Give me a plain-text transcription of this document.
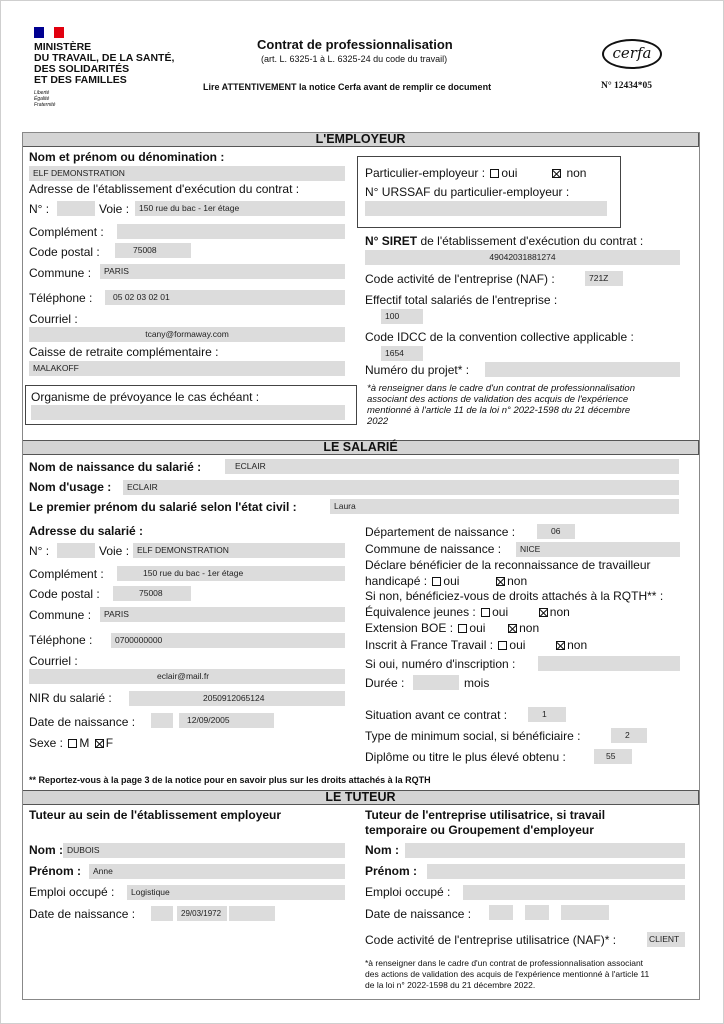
MINISTÈRE
DU TRAVAIL, DE LA SANTÉ,
DES SOLIDARITÉS
ET DES FAMILLES
Liberté
Égalité
Fraternité
Contrat de professionnalisation
(art. L. 6325-1 à L. 6325-24 du code du travail)
Lire ATTENTIVEMENT la notice Cerfa avant de remplir ce document
cerfa
N° 12434*05
L'EMPLOYEUR
Nom et prénom ou dénomination :
ELF DEMONSTRATION
Adresse de l'établissement d'exécution du contrat :
N° :	Voie :	150 rue du bac - 1er étage
Complément :
Code postal :	75008
Commune :	PARIS
Téléphone :	05 02 03 02 01
Courriel :
tcany@formaway.com
Caisse de retraite complémentaire :
MALAKOFF
Organisme de prévoyance le cas échéant :
Particulier-employeur : oui	non
N° URSSAF du particulier-employeur :
N° SIRET de l'établissement d'exécution du contrat :
49042031881274
Code activité de l'entreprise (NAF) :	721Z
Effectif total salariés de l'entreprise :
100
Code IDCC de la convention collective applicable :
1654
Numéro du projet* :
*à renseigner dans le cadre d'un contrat de professionnalisation
associant des actions de validation des acquis de l'expérience
mentionné à l'article 11 de la loi n° 2022-1598 du 21 décembre
2022
LE SALARIÉ
Nom de naissance du salarié :	ECLAIR
Nom d'usage :	ECLAIR
Le premier prénom du salarié selon l'état civil :	Laura
Adresse du salarié :
N° :	Voie : ELF DEMONSTRATION
Complément :	150 rue du bac - 1er étage
Code postal :	75008
Commune :	PARIS
Téléphone :	0700000000
Courriel :
eclair@mail.fr
NIR du salarié :	2050912065124
Date de naissance :	12/09/2005
Sexe : M F
Département de naissance :	06
Commune de naissance :	NICE
Déclare bénéficier de la reconnaissance de travailleur
handicapé : oui	non
Si non, bénéficiez-vous de droits attachés à la RQTH** :
Équivalence jeunes : oui	non
Extension BOE : oui	non
Inscrit à France Travail : oui	non
Si oui, numéro d'inscription :
Durée :	mois
Situation avant ce contrat :	1
Type de minimum social, si bénéficiaire :	2
Diplôme ou titre le plus élevé obtenu :	55
** Reportez-vous à la page 3 de la notice pour en savoir plus sur les droits attachés à la RQTH
LE TUTEUR
Tuteur au sein de l'établissement employeur	Tuteur de l'entreprise utilisatrice, si travail
temporaire ou Groupement d'employeur
Nom : DUBOIS
Prénom :	Anne
Emploi occupé :	Logistique
Date de naissance :	29/03/1972
Nom :
Prénom :
Emploi occupé :
Date de naissance :
Code activité de l'entreprise utilisatrice (NAF)* :	CLIENT
*à renseigner dans le cadre d'un contrat de professionnalisation associant
des actions de validation des acquis de l'expérience mentionné à l'article 11
de la loi n° 2022-1598 du 21 décembre 2022.
